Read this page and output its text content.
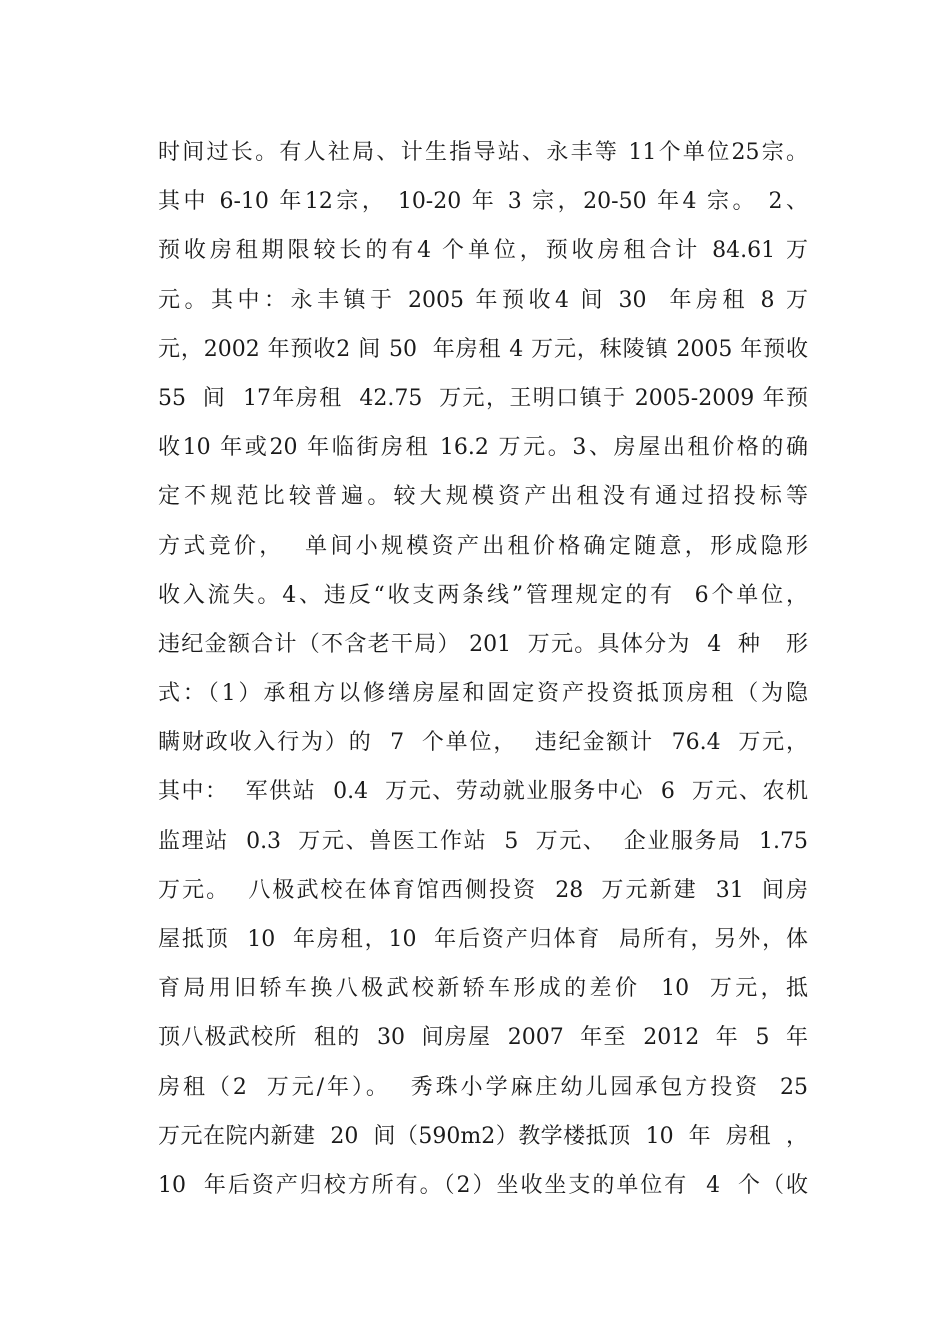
时间过长。有人社局、计生指导站、永丰等 11个单位25宗。
其中 6-10 年12宗， 10-20 年 3 宗，20-50 年4 宗。 2、
预收房租期限较长的有4 个单位，预收房租合计 84.61 万
元。其中：永丰镇于 2005 年预收4 间 30  年房租 8 万
元，2002 年预收2 间 50  年房租 4 万元，秣陵镇 2005 年预收
55  间  17年房租  42.75  万元，王明口镇于 2005-2009 年预
收10 年或20 年临街房租 16.2 万元。3、房屋出租价格的确
定不规范比较普遍。较大规模资产出租没有通过招投标等
方式竞价，  单间小规模资产出租价格确定随意，形成隐形
收入流失。4、违反“收支两条线”管理规定的有  6个单位，
违纪金额合计（不含老干局） 201  万元。具体分为  4  种   形
式：（1）承租方以修缮房屋和固定资产投资抵顶房租（为隐
瞒财政收入行为）的  7  个单位，  违纪金额计  76.4  万元，
其中：  军供站  0.4  万元、劳动就业服务中心  6  万元、农机
监理站  0.3  万元、兽医工作站  5  万元、  企业服务局  1.75
万元。  八极武校在体育馆西侧投资  28  万元新建  31  间房
屋抵顶  10  年房租，10  年后资产归体育  局所有，另外，体
育局用旧轿车换八极武校新轿车形成的差价  10  万元，抵
顶八极武校所  租的  30  间房屋  2007  年至  2012  年  5  年
房租（2  万元/年）。  秀珠小学麻庄幼儿园承包方投资  25
万元在院内新建  20  间（590m2）教学楼抵顶  10  年  房租  ，
10  年后资产归校方所有。（2）坐收坐支的单位有  4  个（收
